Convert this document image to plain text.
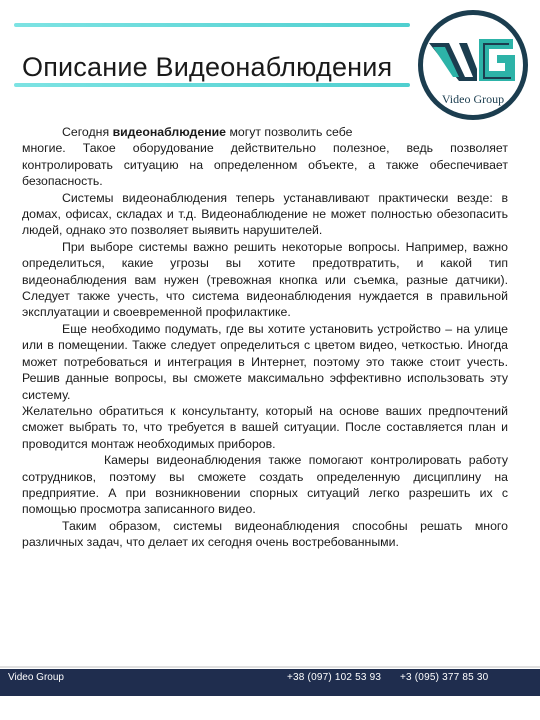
Описание Видеонаблюдения
Video Group

Сегодня видеонаблюдение могут позволить себе
многие. Такое оборудование действительно полезное, ведь позволяет контролировать ситуацию на определенном объекте, а также обеспечивает безопасность.

Системы видеонаблюдения теперь устанавливают практически везде: в домах, офисах, складах и т.д. Видеонаблюдение не может полностью обезопасить людей, однако это позволяет выявить нарушителей.

При выборе системы важно решить некоторые вопросы. Например, важно определиться, какие угрозы вы хотите предотвратить, и какой тип видеонаблюдения вам нужен (тревожная кнопка или съемка, разные датчики). Следует также учесть, что система видеонаблюдения нуждается в правильной эксплуатации и своевременной профилактике.

Еще необходимо подумать, где вы хотите установить устройство – на улице или в помещении. Также следует определиться с цветом видео, четкостью. Иногда может потребоваться и интеграция в Интернет, поэтому это также стоит учесть. Решив данные вопросы, вы сможете максимально эффективно использовать эту систему.

Желательно обратиться к консультанту, который на основе ваших предпочтений сможет выбрать то, что требуется в вашей ситуации. После составляется план и проводится монтаж необходимых приборов.

Камеры видеонаблюдения также помогают контролировать работу сотрудников, поэтому вы сможете создать определенную дисциплину на предприятие. А при возникновении спорных ситуаций легко разрешить их с помощью просмотра записанного видео.

Таким образом, системы видеонаблюдения способны решать много различных задач, что делает их сегодня очень востребованными.

Video Group	+38 (097) 102 53 93 +3 (095) 377 85 30
